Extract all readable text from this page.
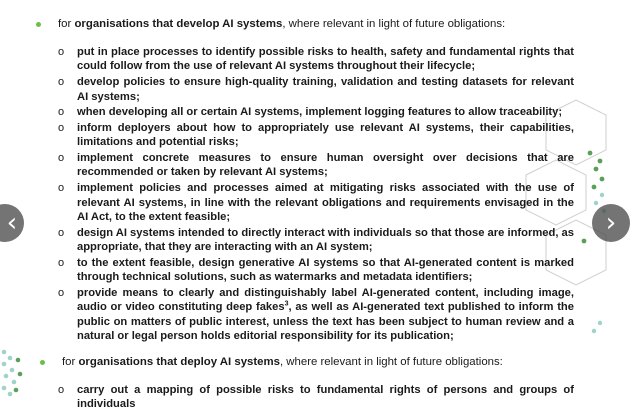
for organisations that develop AI systems, where relevant in light of future obligations:
o put in place processes to identify possible risks to health, safety and fundamental rights that could follow from the use of relevant AI systems throughout their lifecycle;
o develop policies to ensure high-quality training, validation and testing datasets for relevant AI systems;
o when developing all or certain AI systems, implement logging features to allow traceability;
o inform deployers about how to appropriately use relevant AI systems, their capabilities, limitations and potential risks;
o implement concrete measures to ensure human oversight over decisions that are recommended or taken by relevant AI systems;
o implement policies and processes aimed at mitigating risks associated with the use of relevant AI systems, in line with the relevant obligations and requirements envisaged in the AI Act, to the extent feasible;
o design AI systems intended to directly interact with individuals so that those are informed, as appropriate, that they are interacting with an AI system;
o to the extent feasible, design generative AI systems so that AI-generated content is marked through technical solutions, such as watermarks and metadata identifiers;
o provide means to clearly and distinguishably label AI-generated content, including image, audio or video constituting deep fakes$^3$, as well as AI-generated text published to inform the public on matters of public interest, unless the text has been subject to human review and a natural or legal person holds editorial responsibility for its publication;
for organisations that deploy AI systems, where relevant in light of future obligations:
o carry out a mapping of possible risks to fundamental rights of persons and groups of individuals
‹	›
